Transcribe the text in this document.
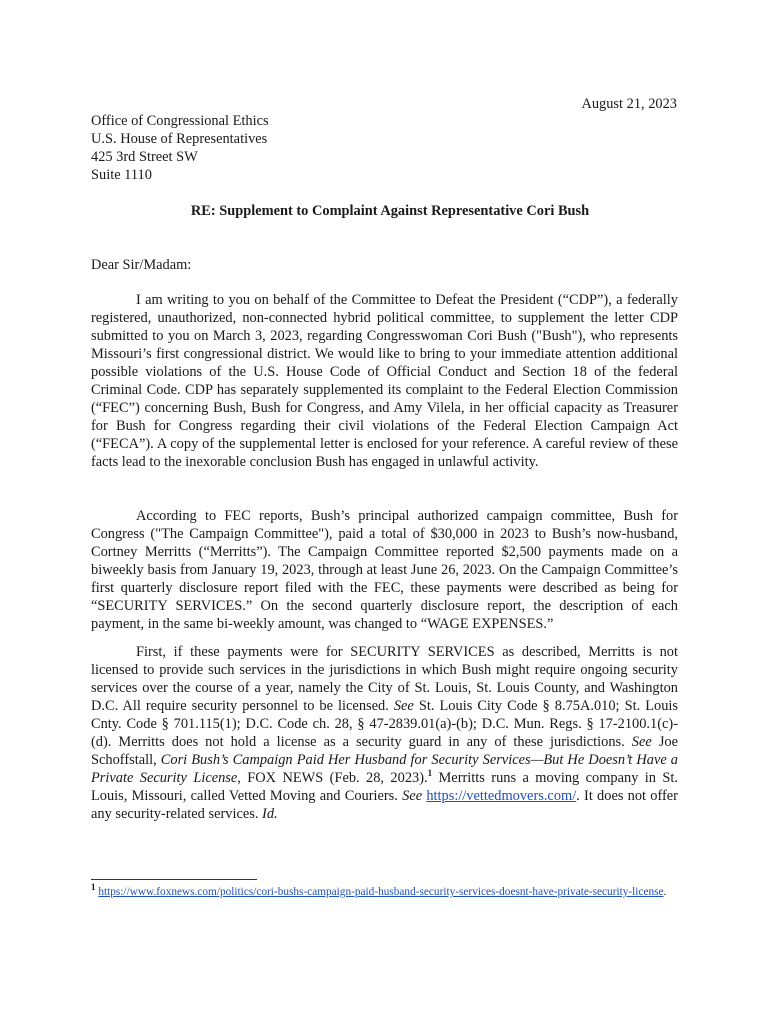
August 21, 2023
Office of Congressional Ethics
U.S. House of Representatives
425 3rd Street SW
Suite 1110
RE: Supplement to Complaint Against Representative Cori Bush
Dear Sir/Madam:

I am writing to you on behalf of the Committee to Defeat the President (“CDP”), a federally registered, unauthorized, non-connected hybrid political committee, to supplement the letter CDP submitted to you on March 3, 2023, regarding Congresswoman Cori Bush ("Bush"), who represents Missouri’s first congressional district. We would like to bring to your immediate attention additional possible violations of the U.S. House Code of Official Conduct and Section 18 of the federal Criminal Code. CDP has separately supplemented its complaint to the Federal Election Commission (“FEC”) concerning Bush, Bush for Congress, and Amy Vilela, in her official capacity as Treasurer for Bush for Congress regarding their civil violations of the Federal Election Campaign Act (“FECA”). A copy of the supplemental letter is enclosed for your reference. A careful review of these facts lead to the inexorable conclusion Bush has engaged in unlawful activity.

According to FEC reports, Bush’s principal authorized campaign committee, Bush for Congress ("The Campaign Committee"), paid a total of $30,000 in 2023 to Bush’s now-husband, Cortney Merritts (“Merritts”). The Campaign Committee reported $2,500 payments made on a biweekly basis from January 19, 2023, through at least June 26, 2023. On the Campaign Committee’s first quarterly disclosure report filed with the FEC, these payments were described as being for “SECURITY SERVICES.” On the second quarterly disclosure report, the description of each payment, in the same bi-weekly amount, was changed to “WAGE EXPENSES.”

First, if these payments were for SECURITY SERVICES as described, Merritts is not licensed to provide such services in the jurisdictions in which Bush might require ongoing security services over the course of a year, namely the City of St. Louis, St. Louis County, and Washington D.C. All require security personnel to be licensed. See St. Louis City Code § 8.75A.010; St. Louis Cnty. Code § 701.115(1); D.C. Code ch. 28, § 47-2839.01(a)-(b); D.C. Mun. Regs. § 17-2100.1(c)-(d). Merritts does not hold a license as a security guard in any of these jurisdictions. See Joe Schoffstall, Cori Bush’s Campaign Paid Her Husband for Security Services—But He Doesn’t Have a Private Security License, FOX NEWS (Feb. 28, 2023).$^1$ Merritts runs a moving company in St. Louis, Missouri, called Vetted Moving and Couriers. See https://vettedmovers.com/. It does not offer any security-related services. Id.

$^1$ https://www.foxnews.com/politics/cori-bushs-campaign-paid-husband-security-services-doesnt-have-private-security-license.
